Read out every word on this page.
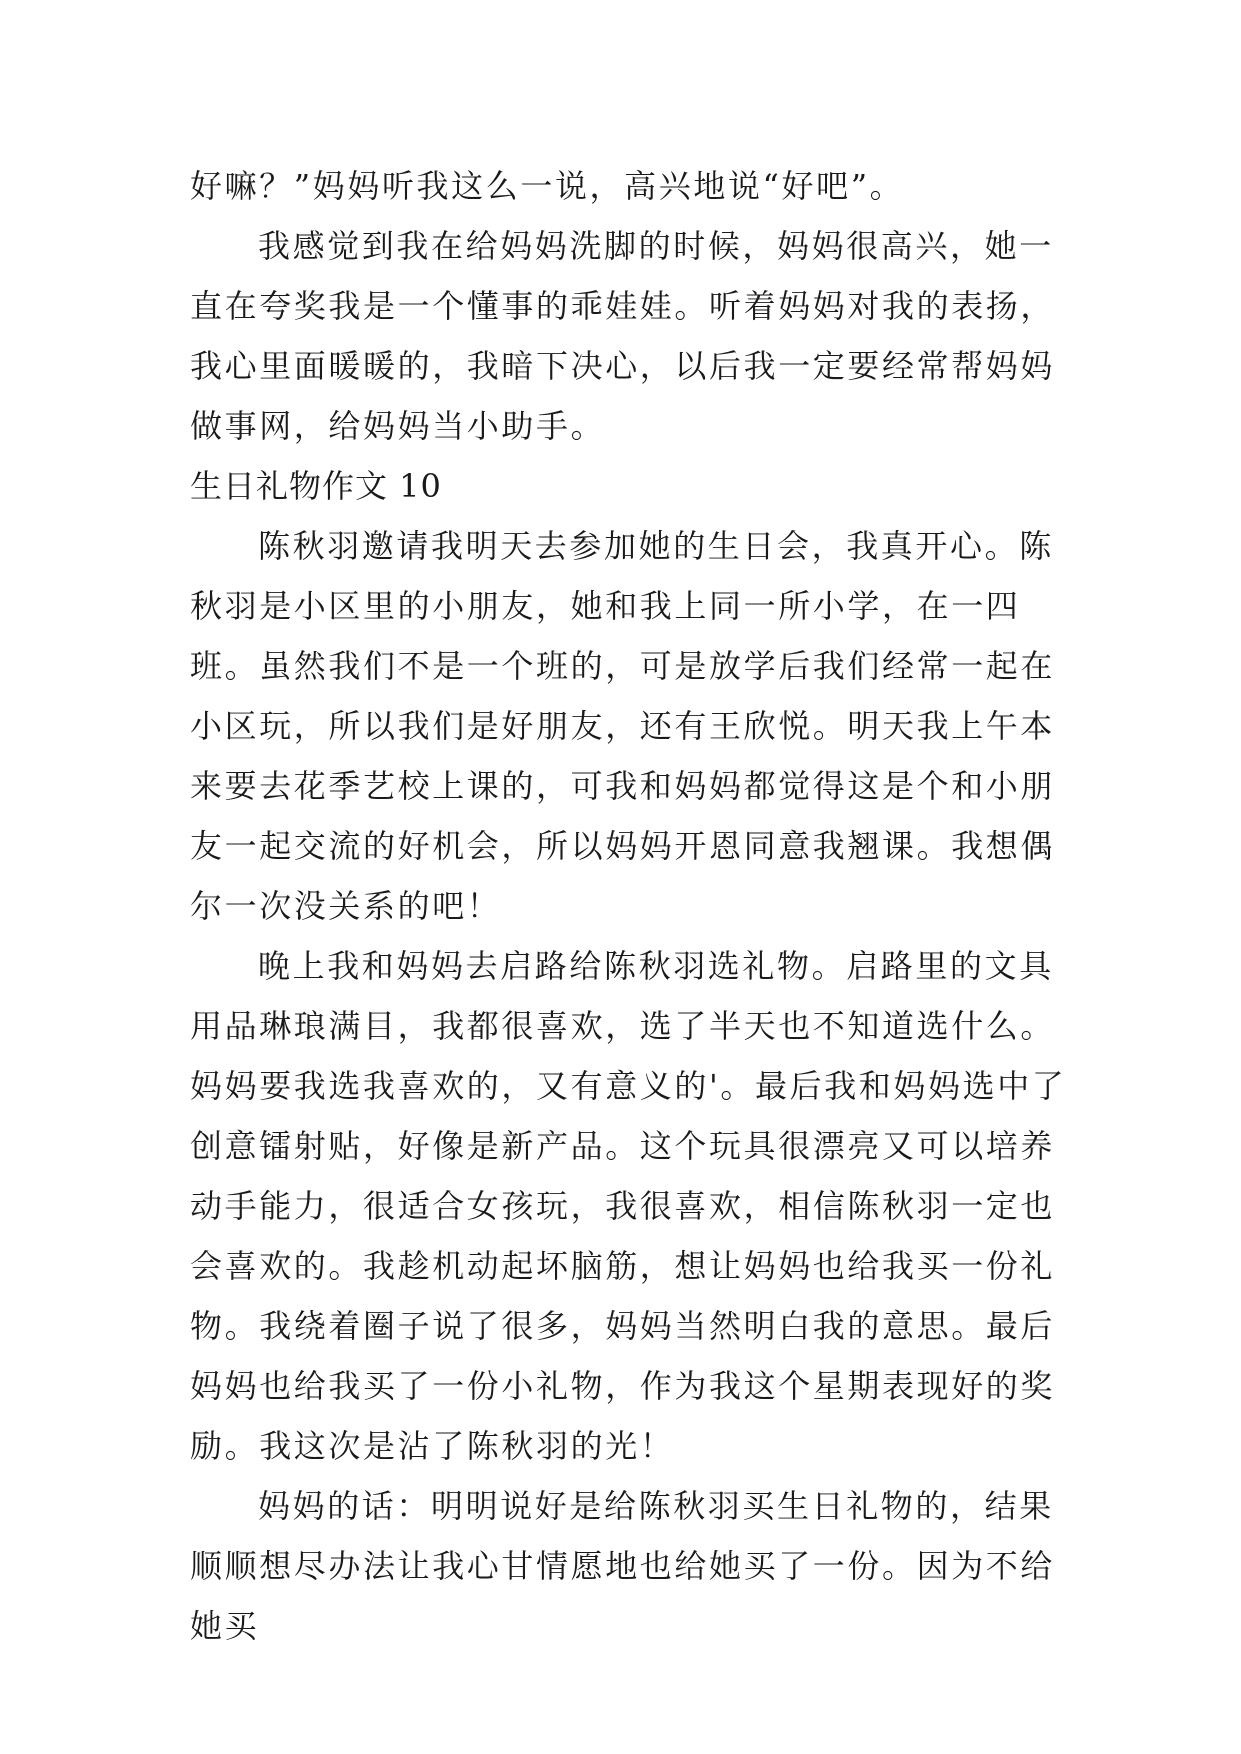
好嘛？”妈妈听我这么一说，高兴地说“好吧”。

我感觉到我在给妈妈洗脚的时候，妈妈很高兴，她一直在夸奖我是一个懂事的乖娃娃。听着妈妈对我的表扬，我心里面暖暖的，我暗下决心，以后我一定要经常帮妈妈做事网，给妈妈当小助手。

生日礼物作文 10

陈秋羽邀请我明天去参加她的生日会，我真开心。陈秋羽是小区里的小朋友，她和我上同一所小学，在一四班。虽然我们不是一个班的，可是放学后我们经常一起在小区玩，所以我们是好朋友，还有王欣悦。明天我上午本来要去花季艺校上课的，可我和妈妈都觉得这是个和小朋友一起交流的好机会，所以妈妈开恩同意我翘课。我想偶尔一次没关系的吧！

晚上我和妈妈去启路给陈秋羽选礼物。启路里的文具用品琳琅满目，我都很喜欢，选了半天也不知道选什么。妈妈要我选我喜欢的，又有意义的'。最后我和妈妈选中了创意镭射贴，好像是新产品。这个玩具很漂亮又可以培养动手能力，很适合女孩玩，我很喜欢，相信陈秋羽一定也会喜欢的。我趁机动起坏脑筋，想让妈妈也给我买一份礼物。我绕着圈子说了很多，妈妈当然明白我的意思。最后妈妈也给我买了一份小礼物，作为我这个星期表现好的奖励。我这次是沾了陈秋羽的光！

妈妈的话：明明说好是给陈秋羽买生日礼物的，结果顺顺想尽办法让我心甘情愿地也给她买了一份。因为不给她买
